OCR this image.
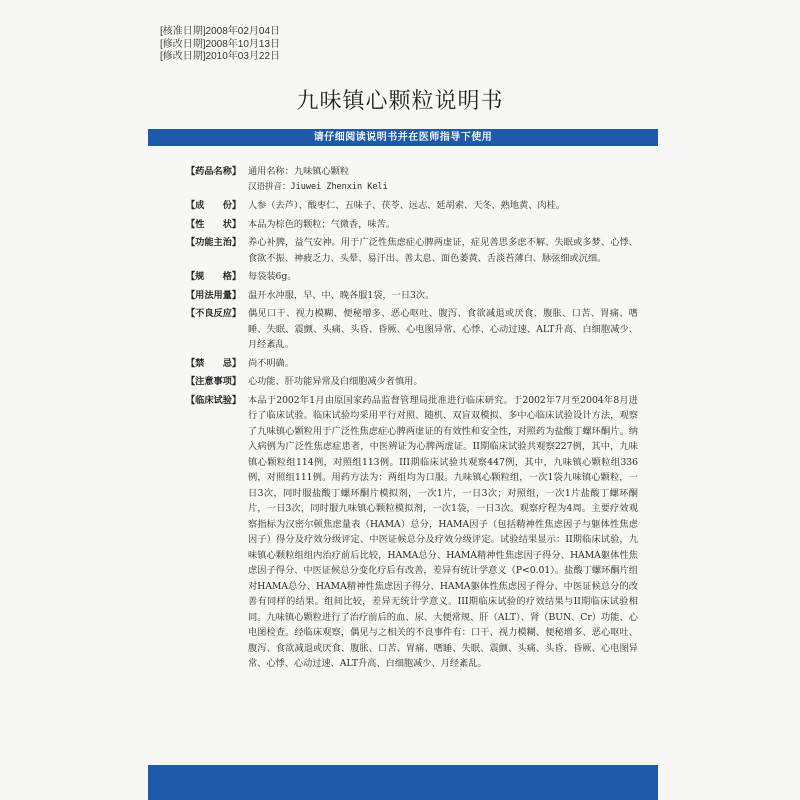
[核准日期]2008年02月04日
[修改日期]2008年10月13日
[修改日期]2010年03月22日
九味镇心颗粒说明书
请仔细阅读说明书并在医师指导下使用
【药品名称】 通用名称：九味镇心颗粒

汉语拼音：Jiuwei Zhenxin Keli

【成　　份】 人参（去芦）、酸枣仁、五味子、茯苓、远志、延胡索、天冬、熟地黄、肉桂。
【性　　状】 本品为棕色的颗粒；气微香，味苦。
【功能主治】 养心补脾，益气安神。用于广泛性焦虑症心脾两虚证，症见善思多虑不解、失眠或多梦、心悸、食欲不振、神疲乏力、头晕、易汗出、善太息、面色萎黄、舌淡苔薄白、脉弦细或沉细。
【规　　格】 每袋装6g。
【用法用量】 温开水冲服，早、中、晚各服1袋，一日3次。
【不良反应】 偶见口干、视力模糊、便秘增多、恶心呕吐、腹泻、食欲减退或厌食、腹胀、口苦、胃痛、嗜睡、失眠、震颤、头痛、头昏、昏厥、心电图异常、心悸、心动过速、ALT升高、白细胞减少、月经紊乱。
【禁　　忌】 尚不明确。
【注意事项】 心功能、肝功能异常及白细胞减少者慎用。
【临床试验】 本品于2002年1月由原国家药品监督管理局批准进行临床研究。于2002年7月至2004年8月进行了临床试验。临床试验均采用平行对照、随机、双盲双模拟、多中心临床试验设计方法，观察了九味镇心颗粒用于广泛性焦虑症心脾两虚证的有效性和安全性，对照药为盐酸丁螺环酮片。纳入病例为广泛性焦虑症患者，中医辨证为心脾两虚证。II期临床试验共观察227例，其中，九味镇心颗粒组114例，对照组113例。III期临床试验共观察447例，其中，九味镇心颗粒组336例，对照组111例。用药方法为：两组均为口服。九味镇心颗粒组，一次1袋九味镇心颗粒，一日3次，同时服盐酸丁螺环酮片模拟剂，一次1片，一日3次；对照组，一次1片盐酸丁螺环酮片，一日3次，同时服九味镇心颗粒模拟剂，一次1袋，一日3次。观察疗程为4周。主要疗效观察指标为汉密尔顿焦虑量表（HAMA）总分，HAMA因子（包括精神性焦虑因子与躯体性焦虑因子）得分及疗效分级评定、中医证候总分及疗效分级评定。试验结果显示：II期临床试验，九味镇心颗粒组组内治疗前后比较，HAMA总分、HAMA精神性焦虑因子得分、HAMA躯体性焦虑因子得分、中医证候总分变化疗后有改善，差异有统计学意义（P<0.01）。盐酸丁螺环酮片组对HAMA总分、HAMA精神性焦虑因子得分、HAMA躯体性焦虑因子得分、中医证候总分的改善有同样的结果。组间比较，差异无统计学意义。III期临床试验的疗效结果与II期临床试验相同。九味镇心颗粒进行了治疗前后的血、尿、大便常规、肝（ALT）、肾（BUN、Cr）功能、心电图检查。经临床观察，偶见与之相关的不良事件有：口干、视力模糊、便秘增多、恶心呕吐、腹泻、食欲减退或厌食、腹胀、口苦、胃痛、嗜睡、失眠、震颤、头痛、头昏、昏厥、心电图异常、心悸、心动过速、ALT升高、白细胞减少、月经紊乱。
